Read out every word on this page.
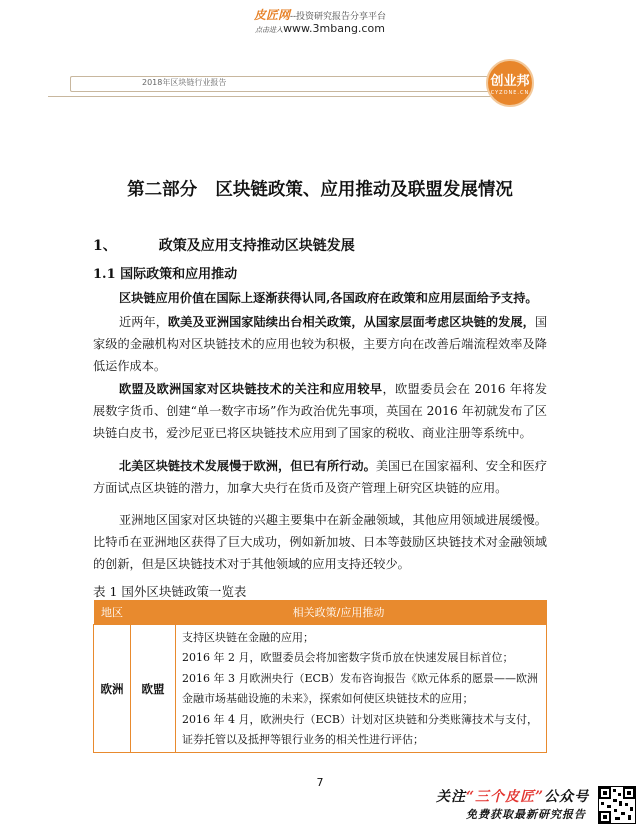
皮匠网--投资研究报告分享平台
点击进入www.3mbang.com
2018年区块链行业报告	创业邦
CYZONE.CN
第二部分   区块链政策、应用推动及联盟发展情况
1、	政策及应用支持推动区块链发展
1.1 国际政策和应用推动
区块链应用价值在国际上逐渐获得认同,各国政府在政策和应用层面给予支持。
近两年，欧美及亚洲国家陆续出台相关政策，从国家层面考虑区块链的发展，国家级的金融机构对区块链技术的应用也较为积极，主要方向在改善后端流程效率及降低运作成本。
欧盟及欧洲国家对区块链技术的关注和应用较早，欧盟委员会在 2016 年将发展数字货币、创建“单一数字市场”作为政治优先事项，英国在 2016 年初就发布了区块链白皮书，爱沙尼亚已将区块链技术应用到了国家的税收、商业注册等系统中。
北美区块链技术发展慢于欧洲，但已有所行动。美国已在国家福利、安全和医疗方面试点区块链的潜力，加拿大央行在货币及资产管理上研究区块链的应用。
亚洲地区国家对区块链的兴趣主要集中在新金融领域，其他应用领域进展缓慢。比特币在亚洲地区获得了巨大成功，例如新加坡、日本等鼓励区块链技术对金融领域的创新，但是区块链技术对于其他领域的应用支持还较少。
表 1 国外区块链政策一览表
地区	相关政策/应用推动	
欧洲	欧盟	支持区块链在金融的应用；
2016 年 2 月，欧盟委员会将加密数字货币放在快速发展目标首位；
2016 年 3 月欧洲央行（ECB）发布咨询报告《欧元体系的愿景——欧洲金融市场基础设施的未来》，探索如何使区块链技术的应用；
2016 年 4 月，欧洲央行（ECB）计划对区块链和分类账簿技术与支付，证券托管以及抵押等银行业务的相关性进行评估；
7
关注“三个皮匠”公众号
免费获取最新研究报告
